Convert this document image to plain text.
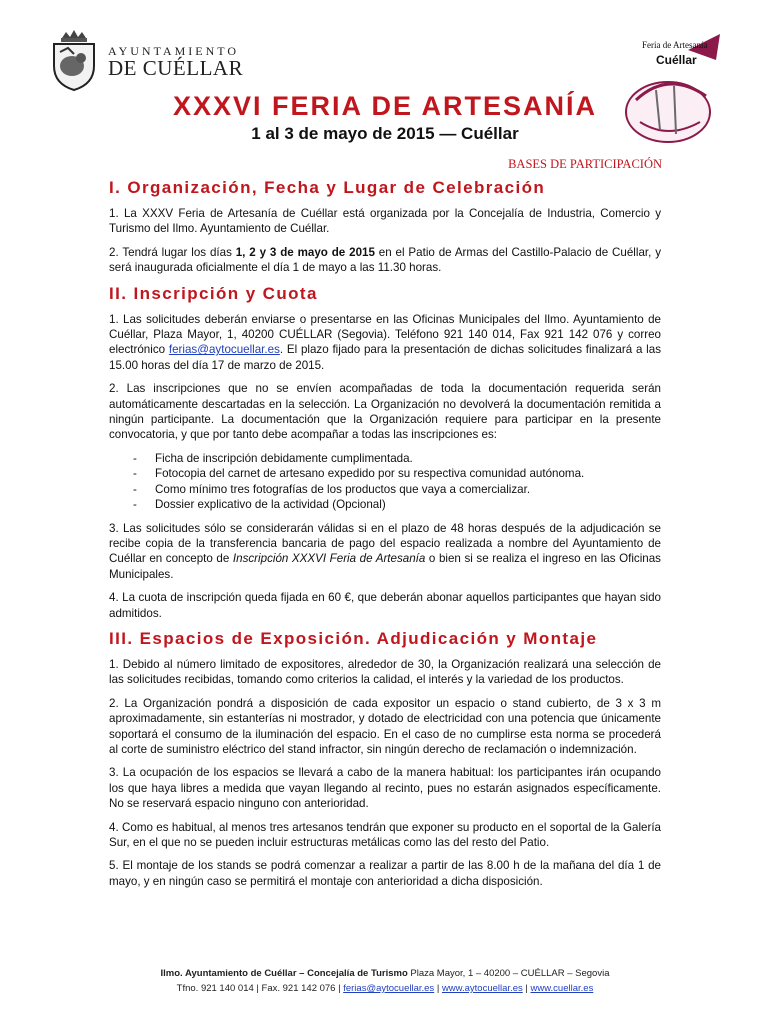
AYUNTAMIENTO
DE CUÉLLAR
Feria de Artesanía
Cuéllar
XXXVI FERIA DE ARTESANÍA
1 al 3 de mayo de 2015 — Cuéllar
BASES DE PARTICIPACIÓN
I. Organización, Fecha y Lugar de Celebración

1. La XXXV Feria de Artesanía de Cuéllar está organizada por la Concejalía de Industria, Comercio y Turismo del Ilmo. Ayuntamiento de Cuéllar.

2. Tendrá lugar los días 1, 2 y 3 de mayo de 2015 en el Patio de Armas del Castillo-Palacio de Cuéllar, y será inaugurada oficialmente el día 1 de mayo a las 11.30 horas.

II. Inscripción y Cuota

1. Las solicitudes deberán enviarse o presentarse en las Oficinas Municipales del Ilmo. Ayuntamiento de Cuéllar, Plaza Mayor, 1, 40200 CUÉLLAR (Segovia). Teléfono 921 140 014, Fax 921 142 076 y correo electrónico ferias@aytocuellar.es. El plazo fijado para la presentación de dichas solicitudes finalizará a las 15.00 horas del día 17 de marzo de 2015.

2. Las inscripciones que no se envíen acompañadas de toda la documentación requerida serán automáticamente descartadas en la selección. La Organización no devolverá la documentación remitida a ningún participante. La documentación que la Organización requiere para participar en la presente convocatoria, y que por tanto debe acompañar a todas las inscripciones es:

- Ficha de inscripción debidamente cumplimentada.
- Fotocopia del carnet de artesano expedido por su respectiva comunidad autónoma.
- Como mínimo tres fotografías de los productos que vaya a comercializar.
- Dossier explicativo de la actividad (Opcional)

3. Las solicitudes sólo se considerarán válidas si en el plazo de 48 horas después de la adjudicación se recibe copia de la transferencia bancaria de pago del espacio realizada a nombre del Ayuntamiento de Cuéllar en concepto de Inscripción XXXVI Feria de Artesanía o bien si se realiza el ingreso en las Oficinas Municipales.

4. La cuota de inscripción queda fijada en 60 €, que deberán abonar aquellos participantes que hayan sido admitidos.

III. Espacios de Exposición. Adjudicación y Montaje

1. Debido al número limitado de expositores, alrededor de 30, la Organización realizará una selección de las solicitudes recibidas, tomando como criterios la calidad, el interés y la variedad de los productos.

2. La Organización pondrá a disposición de cada expositor un espacio o stand cubierto, de 3 x 3 m aproximadamente, sin estanterías ni mostrador, y dotado de electricidad con una potencia que únicamente soportará el consumo de la iluminación del espacio. En el caso de no cumplirse esta norma se procederá al corte de suministro eléctrico del stand infractor, sin ningún derecho de reclamación o indemnización.

3. La ocupación de los espacios se llevará a cabo de la manera habitual: los participantes irán ocupando los que haya libres a medida que vayan llegando al recinto, pues no estarán asignados específicamente. No se reservará espacio ninguno con anterioridad.

4. Como es habitual, al menos tres artesanos tendrán que exponer su producto en el soportal de la Galería Sur, en el que no se pueden incluir estructuras metálicas como las del resto del Patio.

5. El montaje de los stands se podrá comenzar a realizar a partir de las 8.00 h de la mañana del día 1 de mayo, y en ningún caso se permitirá el montaje con anterioridad a dicha disposición.

Ilmo. Ayuntamiento de Cuéllar – Concejalía de Turismo Plaza Mayor, 1 – 40200 – CUÉLLAR – Segovia
Tfno. 921 140 014 | Fax. 921 142 076 | ferias@aytocuellar.es | www.aytocuellar.es | www.cuellar.es
